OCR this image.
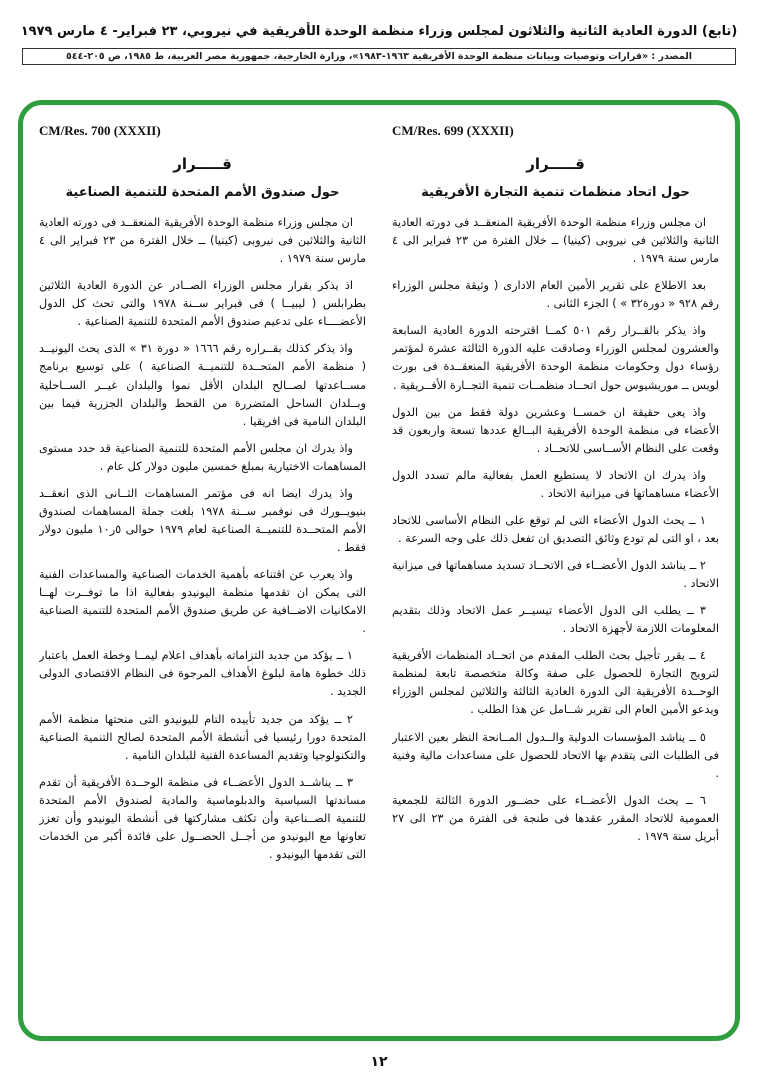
(تابع) الدورة العادية الثانية والثلاثون لمجلس وزراء منظمة الوحدة الأفريقية في نيروبي، ٢٣ فبراير- ٤ مارس ١٩٧٩
المصدر : «قرارات وتوصيات وبيانات منظمة الوحدة الأفريقية ١٩٦٣-١٩٨٣»، وزارة الخارجية، جمهورية مصر العربية، ط ١٩٨٥، ص ٢٠٥-٥٤٤
CM/Res. 699 (XXXII)
قـــــرار
حول اتحاد منظمات تنمية التجارة الأفريقية

ان مجلس وزراء منظمة الوحدة الأفريقية المنعقــد فى دورته العادية الثانية والثلاثين فى نيروبى (كينيا) ــ خلال الفترة من ٢٣ فبراير الى ٤ مارس سنة ١٩٧٩ .

بعد الاطلاع على تقرير الأمين العام الادارى ( وثيقة مجلس الوزراء رقم ٩٢٨ « دورة٣٢ » ) الجزء الثانى .

واذ يذكر بالقــرار رقم ٥٠١ كمــا اقترحته الدورة العادية السابعة والعشرون لمجلس الوزراء وصادقت عليه الدورة الثالثة عشرة لمؤتمر رؤساء دول وحكومات منظمة الوحدة الأفريقية المنعقــدة فى بورت لويس ــ موريشيوس حول اتحــاد منظمــات تنمية التجــارة الأفــريقية .

واذ يعى حقيقة ان خمســا وعشرين دولة فقط من بين الدول الأعضاء فى منظمة الوحدة الأفريقية البــالغ عددها تسعة واربعون قد وقعت على النظام الأســاسى للاتحــاد .

واذ يدرك ان الاتحاد لا يستطيع العمل بفعالية مالم تسدد الدول الأعضاء مساهماتها فى ميزانية الاتحاد .

١ ــ يحث الدول الأعضاء التى لم توقع على النظام الأساسى للاتحاد بعد ، او التى لم تودع وثائق التصديق ان تفعل ذلك على وجه السرعة .

٢ ــ يناشد الدول الأعضــاء فى الاتحــاد تسديد مساهماتها فى ميزانية الاتحاد .

٣ ــ يطلب الى الدول الأعضاء تيسيــر عمل الاتحاد وذلك بتقديم المعلومات اللازمة لأجهزة الاتحاد .

٤ ــ يقرر تأجيل بحث الطلب المقدم من اتحــاد المنظمات الأفريقية لترويج التجارة للحصول على صفة وكالة متخصصة تابعة لمنظمة الوحــدة الأفريقية الى الدورة العادية الثالثة والثلاثين لمجلس الوزراء ويدعو الأمين العام الى تقرير شــامل عن هذا الطلب .

٥ ــ يناشد المؤسسات الدولية والــدول المــانحة النظر بعين الاعتبار فى الطلبات التى يتقدم بها الاتحاد للحصول على مساعدات مالية وفنية .

٦ ــ يحث الدول الأعضــاء على حضــور الدورة الثالثة للجمعية العمومية للاتحاد المقرر عقدها فى طنجة فى الفترة من ٢٣ الى ٢٧ أبريل سنة ١٩٧٩ .

CM/Res. 700 (XXXII)
قـــــرار
حول صندوق الأمم المتحدة للتنمية الصناعية

ان مجلس وزراء منظمة الوحدة الأفريقية المنعقــد فى دورته العادية الثانية والثلاثين فى نيروبى (كينيا) ــ خلال الفترة من ٢٣ فبراير الى ٤ مارس سنة ١٩٧٩ .

اذ يذكر بقرار مجلس الوزراء الصــادر عن الدورة العادية الثلاثين بطرابلس ( ليبيــا ) فى فبراير ســنة ١٩٧٨ والتى تحث كل الدول الأعضــــاء على تدعيم صندوق الأمم المتحدة للتنمية الصناعية .

واذ يذكر كذلك بقــراره رقم ١٦٦٦ « دورة ٣١ » الذى يحث اليونيــد ( منظمة الأمم المتحــدة للتنميــة الصناعية ) على توسيع برنامج مســاعدتها لصــالح البلدان الأقل نموا والبلدان غيــر الســاحلية وبــلدان الساحل المتضررة من القحط والبلدان الجزرية فيما بين البلدان النامية فى افريقيا .

واذ يدرك ان مجلس الأمم المتحدة للتنمية الصناعية قد حدد مستوى المساهمات الاختيارية بمبلغ خمسين مليون دولار كل عام .

واذ يدرك ايضا انه فى مؤتمر المساهمات الثــانى الذى انعقــد بنيويــورك فى نوفمبر ســنة ١٩٧٨ بلغت جملة المساهمات لصندوق الأمم المتحــدة للتنميــة الصناعية لعام ١٩٧٩ حوالى ٥ر١٠ مليون دولار فقط .

واذ يعرب عن اقتناعه بأهمية الخدمات الصناعية والمساعدات الفنية التى يمكن ان تقدمها منظمة اليونيدو بفعالية اذا ما توفــرت لهــا الامكانيات الاضــافية عن طريق صندوق الأمم المتحدة للتنمية الصناعية .

١ ــ يؤكد من جديد التزاماته بأهداف اعلام ليمــا وخطة العمل باعتبار ذلك خطوة هامة لبلوغ الأهداف المرجوة فى النظام الاقتصادى الدولى الجديد .

٢ ــ يؤكد من جديد تأييده التام لليونيدو التى منحتها منظمة الأمم المتحدة دورا رئيسيا فى أنشطة الأمم المتحدة لصالح التنمية الصناعية والتكنولوجيا وتقديم المساعدة الفنية للبلدان النامية .

٣ ــ يناشــد الدول الأعضــاء فى منظمة الوحــدة الأفريقية أن تقدم مساندتها السياسية والدبلوماسية والمادية لصندوق الأمم المتحدة للتنمية الصــناعية وأن تكثف مشاركتها فى أنشطة اليونيدو وأن تعزز تعاونها مع اليونيدو من أجــل الحصــول على فائدة أكبر من الخدمات التى تقدمها اليونيدو .

١٢
